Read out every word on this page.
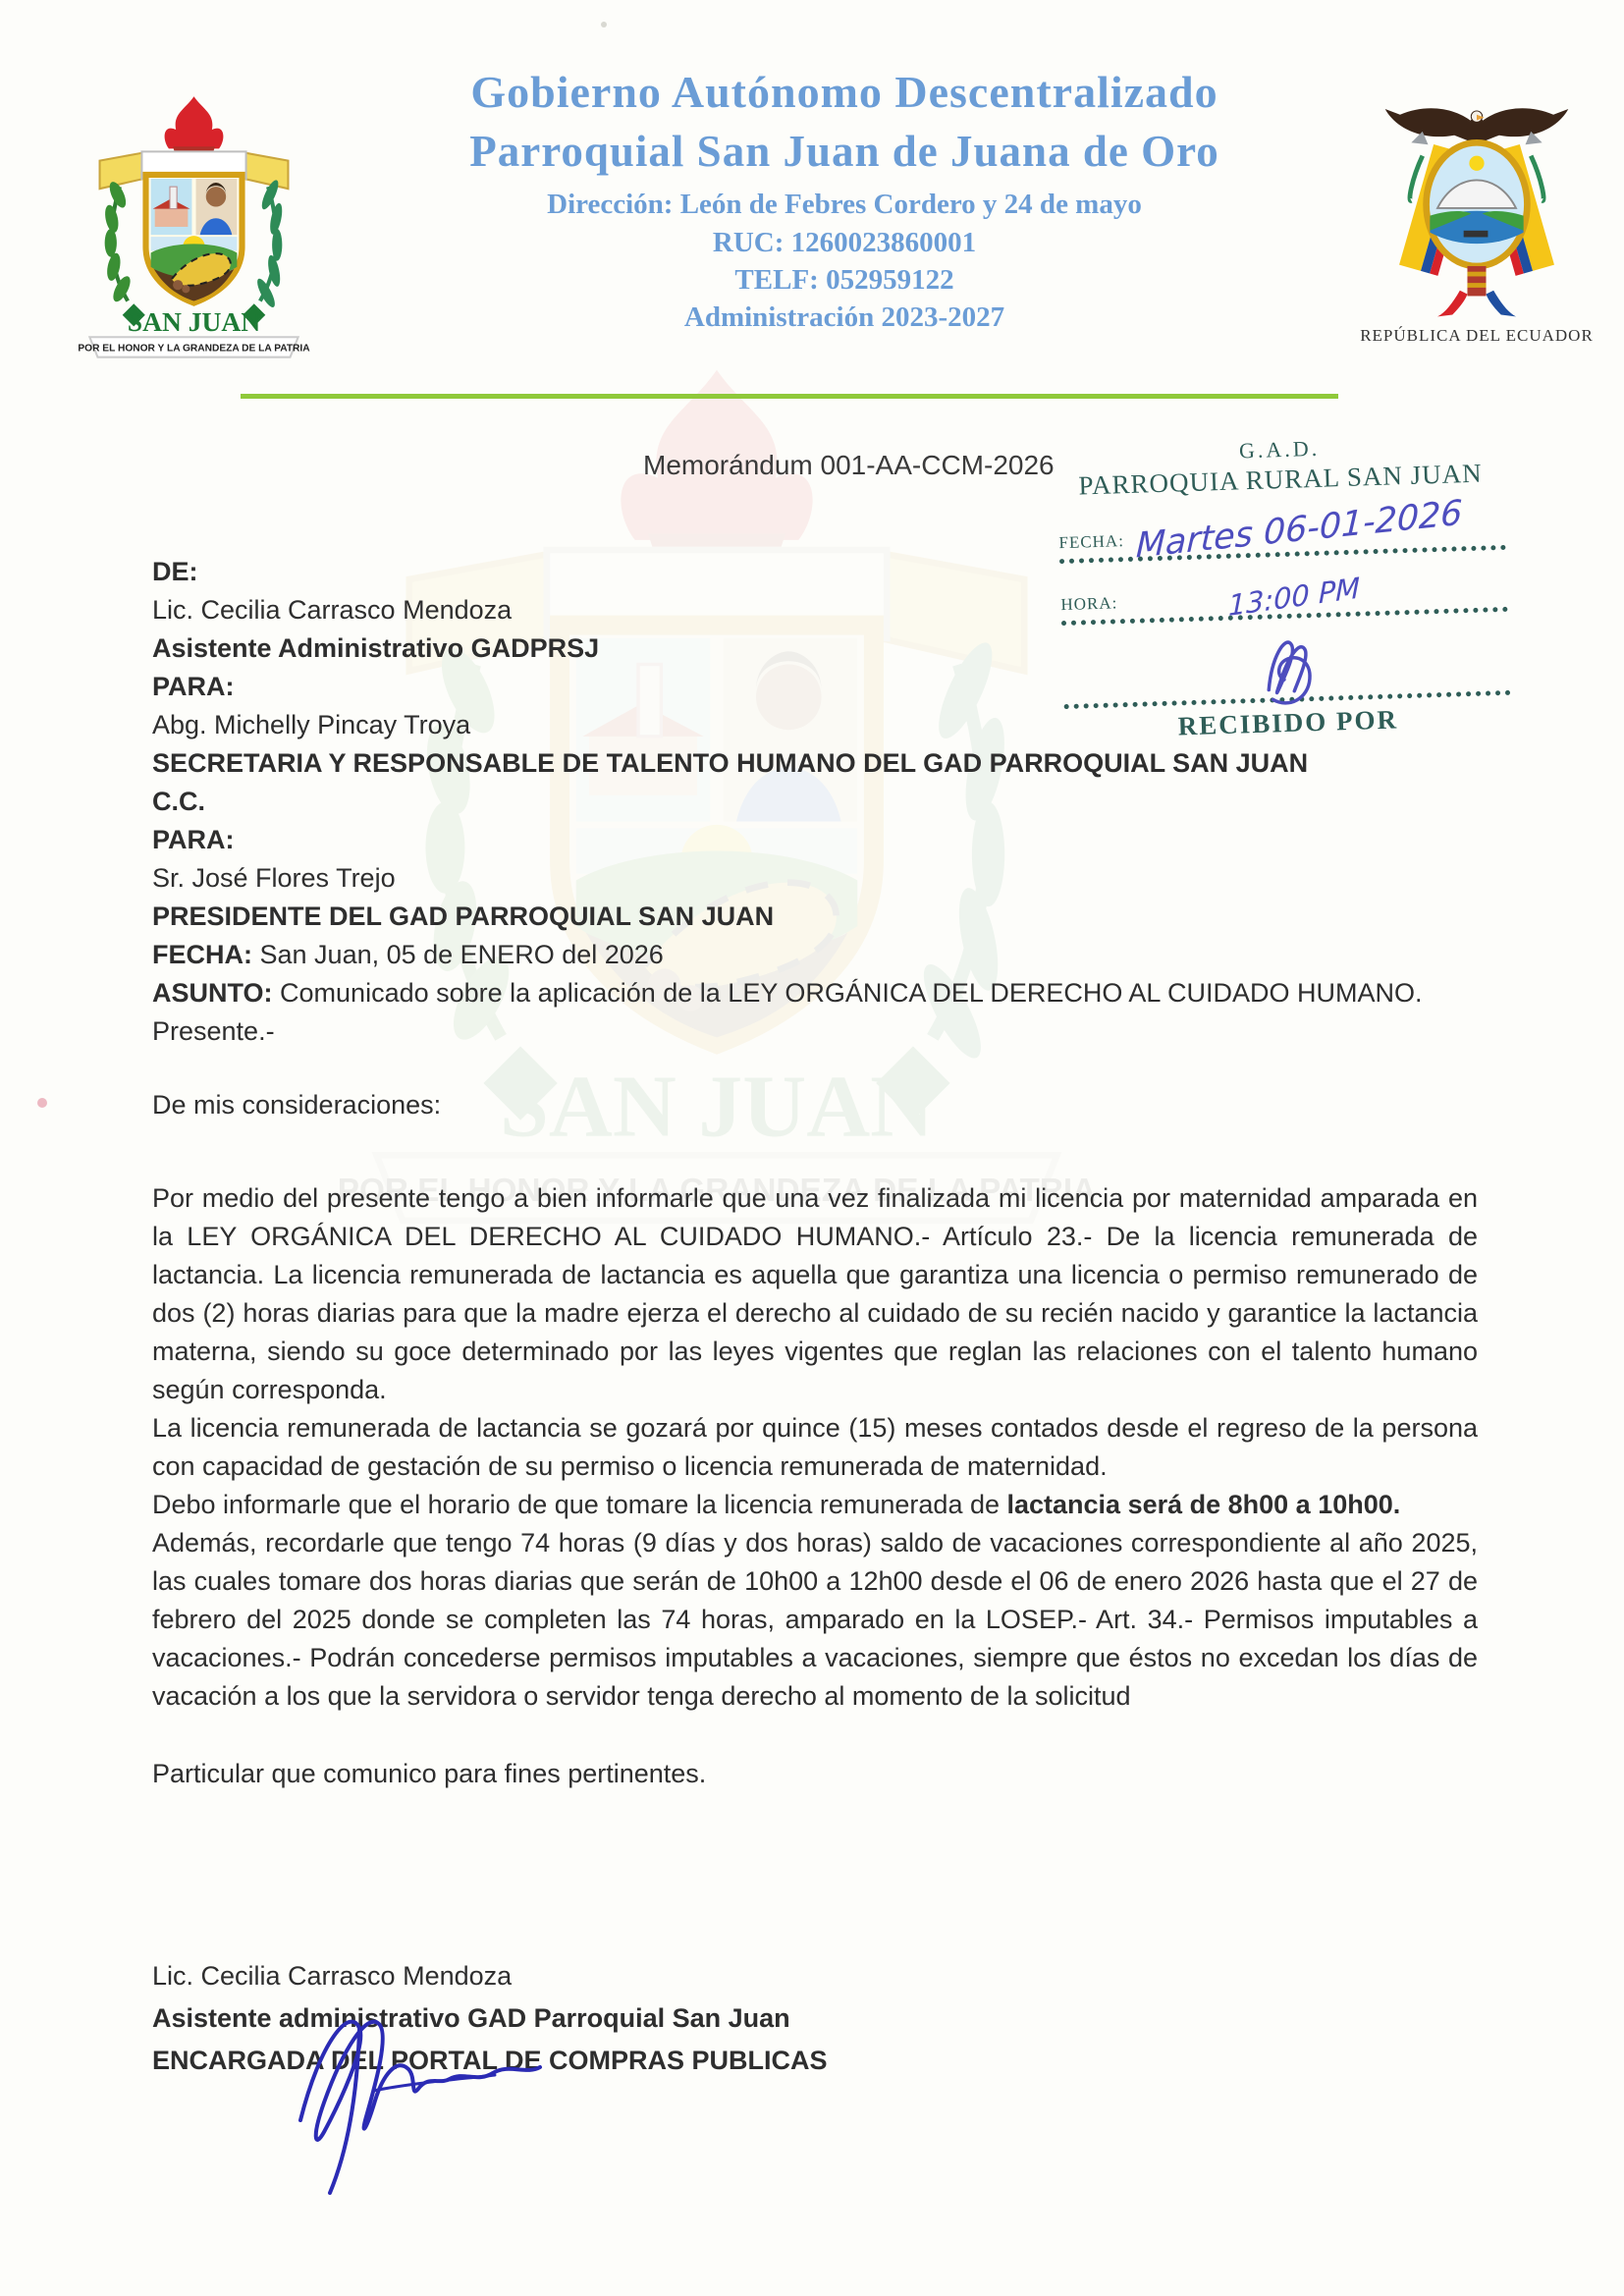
REPÚBLICA DEL ECUADOR
Gobierno Autónomo Descentralizado
Parroquial San Juan de Juana de Oro
Dirección: León de Febres Cordero y 24 de mayo
RUC: 1260023860001
TELF: 052959122
Administración 2023-2027
Memorándum 001-AA-CCM-2026
G.A.D.
PARROQUIA RURAL SAN JUAN
FECHA: Martes 06-01-2026
HORA:	13:00 PM
RECIBIDO POR
DE:
Lic. Cecilia Carrasco Mendoza
Asistente Administrativo GADPRSJ
PARA:
Abg. Michelly Pincay Troya
SECRETARIA Y RESPONSABLE DE TALENTO HUMANO DEL GAD PARROQUIAL SAN JUAN
C.C.
PARA:
Sr. José Flores Trejo
PRESIDENTE DEL GAD PARROQUIAL SAN JUAN
FECHA: San Juan, 05 de ENERO del 2026
ASUNTO: Comunicado sobre la aplicación de la LEY ORGÁNICA DEL DERECHO AL CUIDADO HUMANO.
Presente.-
De mis consideraciones:
Por medio del presente tengo a bien informarle que una vez finalizada mi licencia por maternidad amparada en la LEY ORGÁNICA DEL DERECHO AL CUIDADO HUMANO.- Artículo 23.- De la licencia remunerada de lactancia. La licencia remunerada de lactancia es aquella que garantiza una licencia o permiso remunerado de dos (2) horas diarias para que la madre ejerza el derecho al cuidado de su recién nacido y garantice la lactancia materna, siendo su goce determinado por las leyes vigentes que reglan las relaciones con el talento humano según corresponda.
La licencia remunerada de lactancia se gozará por quince (15) meses contados desde el regreso de la persona con capacidad de gestación de su permiso o licencia remunerada de maternidad.
Debo informarle que el horario de que tomare la licencia remunerada de lactancia será de 8h00 a 10h00.
Además, recordarle que tengo 74 horas (9 días y dos horas) saldo de vacaciones correspondiente al año 2025, las cuales tomare dos horas diarias que serán de 10h00 a 12h00 desde el 06 de enero 2026 hasta que el 27 de febrero del 2025 donde se completen las 74 horas, amparado en la LOSEP.- Art. 34.- Permisos imputables a vacaciones.- Podrán concederse permisos imputables a vacaciones, siempre que éstos no excedan los días de vacación a los que la servidora o servidor tenga derecho al momento de la solicitud
Particular que comunico para fines pertinentes.
Lic. Cecilia Carrasco Mendoza
Asistente administrativo GAD Parroquial San Juan
ENCARGADA DEL PORTAL DE COMPRAS PUBLICAS
